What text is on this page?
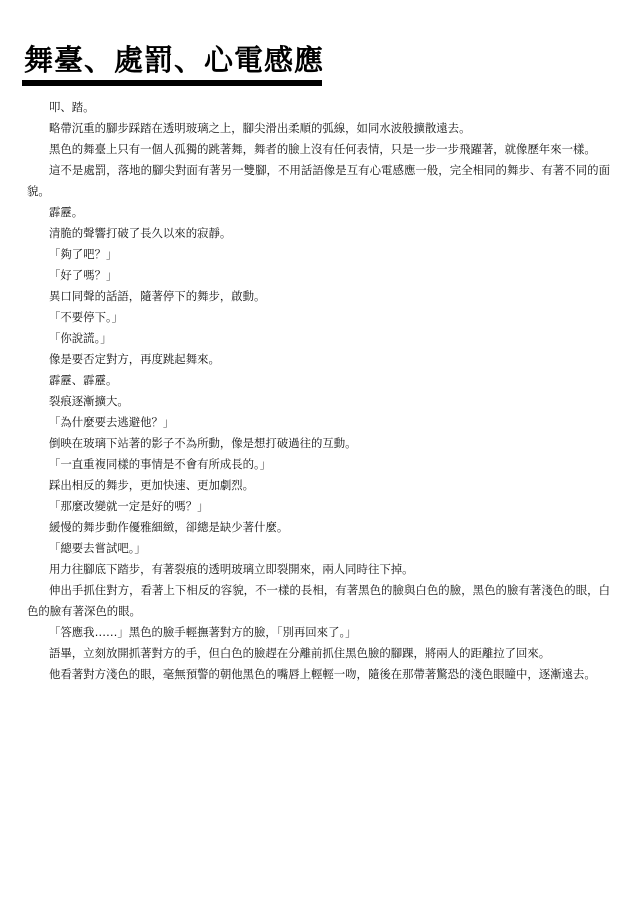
舞臺、處罰、心電感應

叩、踏。

略帶沉重的腳步踩踏在透明玻璃之上，腳尖滑出柔順的弧線，如同水波般擴散遠去。

黑色的舞臺上只有一個人孤獨的跳著舞，舞者的臉上沒有任何表情，只是一步一步飛躍著，就像歷年來一樣。

這不是處罰，落地的腳尖對面有著另一雙腳，不用話語像是互有心電感應一般，完全相同的舞步、有著不同的面貌。

霹靂。

清脆的聲響打破了長久以來的寂靜。

「夠了吧？」

「好了嗎？」

異口同聲的話語，隨著停下的舞步，啟動。

「不要停下。」

「你說謊。」

像是要否定對方，再度跳起舞來。

霹靂、霹靂。

裂痕逐漸擴大。

「為什麼要去逃避他？」

倒映在玻璃下站著的影子不為所動，像是想打破過往的互動。

「一直重複同樣的事情是不會有所成長的。」

踩出相反的舞步，更加快速、更加劇烈。

「那麼改變就一定是好的嗎？」

緩慢的舞步動作優雅細緻，卻總是缺少著什麼。

「總要去嘗試吧。」

用力往腳底下踏步，有著裂痕的透明玻璃立即裂開來，兩人同時往下掉。

伸出手抓住對方，看著上下相反的容貌，不一樣的長相，有著黑色的臉與白色的臉，黑色的臉有著淺色的眼，白色的臉有著深色的眼。

「答應我……」黑色的臉手輕撫著對方的臉，「別再回來了。」

語畢，立刻放開抓著對方的手，但白色的臉趕在分離前抓住黑色臉的腳踝，將兩人的距離拉了回來。

他看著對方淺色的眼，毫無預警的朝他黑色的嘴唇上輕輕一吻，隨後在那帶著驚恐的淺色眼瞳中，逐漸遠去。
